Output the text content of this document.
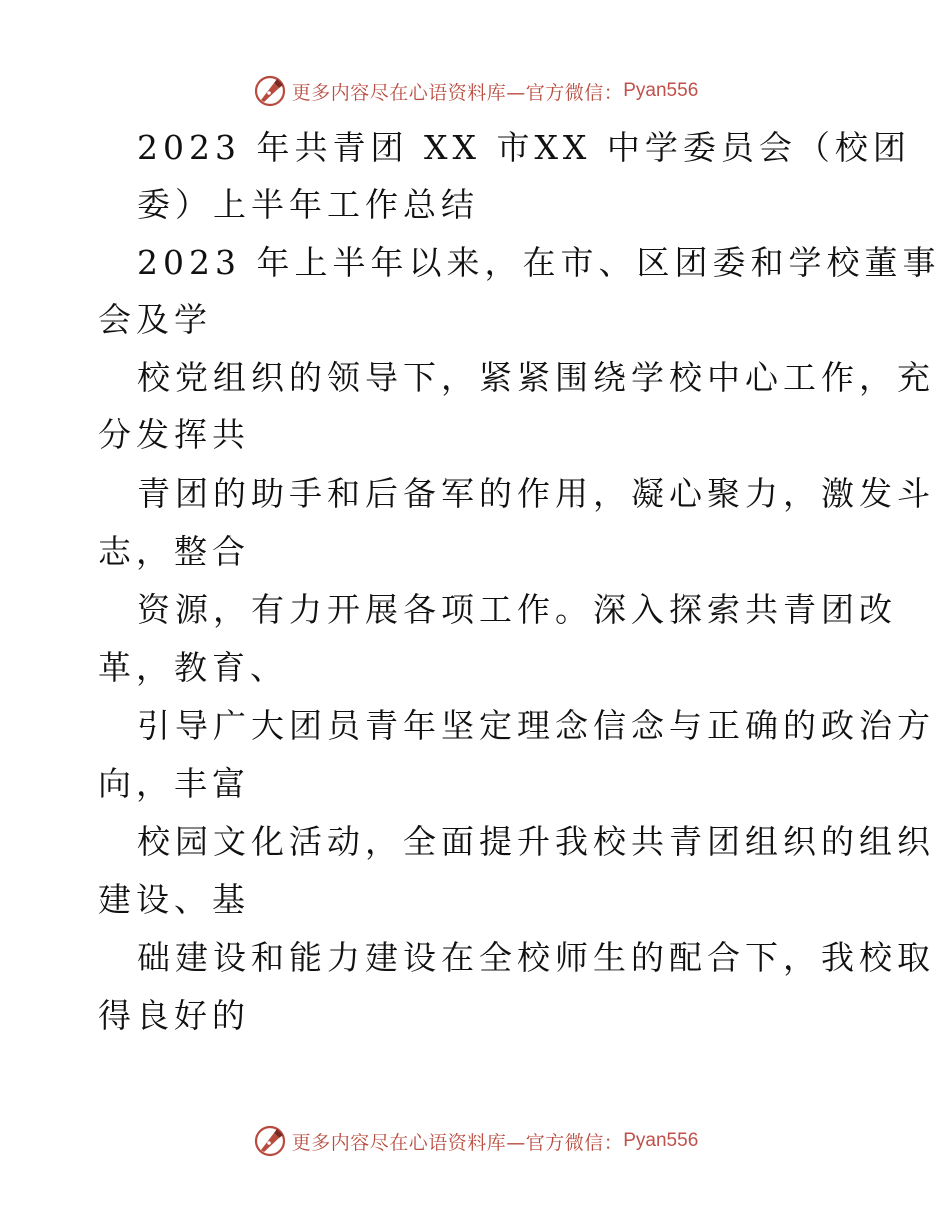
更多内容尽在心语资料库—官方微信： Pyan556
2023 年共青团 XX 市XX 中学委员会（校团
委）上半年工作总结
2023 年上半年以来，在市、区团委和学校董事
会及学
校党组织的领导下，紧紧围绕学校中心工作，充
分发挥共
青团的助手和后备军的作用，凝心聚力，激发斗
志，整合
资源，有力开展各项工作。深入探索共青团改
革，教育、
引导广大团员青年坚定理念信念与正确的政治方
向，丰富
校园文化活动，全面提升我校共青团组织的组织
建设、基
础建设和能力建设在全校师生的配合下，我校取
得良好的
更多内容尽在心语资料库—官方微信： Pyan556
